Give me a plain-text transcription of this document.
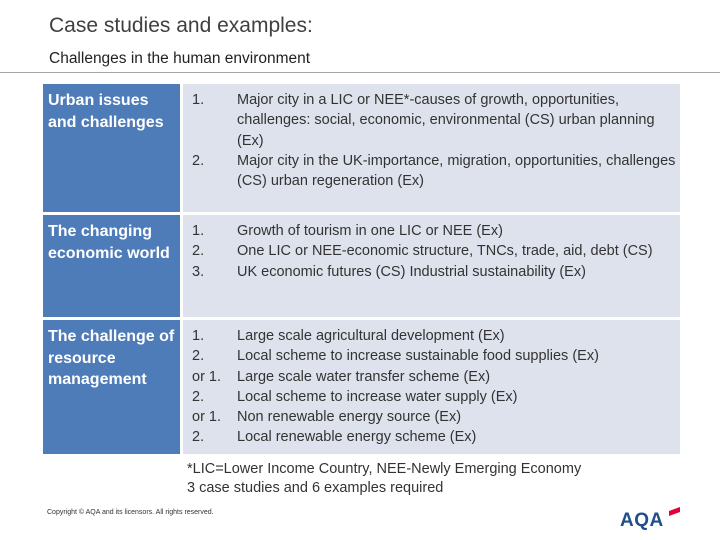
Case studies and examples:
Challenges in the human environment
Urban issues and challenges
1.	Major city in a LIC or NEE*-causes of growth, opportunities, challenges: social, economic, environmental (CS) urban planning (Ex)
2.	Major city in the UK-importance, migration, opportunities, challenges (CS) urban regeneration (Ex)
The changing economic world
1.	Growth of tourism in one LIC or NEE (Ex)
2.	One LIC or NEE-economic structure, TNCs, trade, aid, debt (CS)
3.	UK economic futures (CS) Industrial sustainability (Ex)
The challenge of resource management
1.	Large scale agricultural development (Ex)
2.	Local scheme to increase sustainable food supplies (Ex)
or 1.	Large scale water transfer scheme (Ex)
2.	Local scheme to increase water supply (Ex)
or 1.	Non renewable energy source (Ex)
2.	Local renewable energy scheme (Ex)
*LIC=Lower Income Country, NEE-Newly Emerging Economy
3 case studies and 6 examples required
Copyright © AQA and its licensors. All rights reserved.	AQA
